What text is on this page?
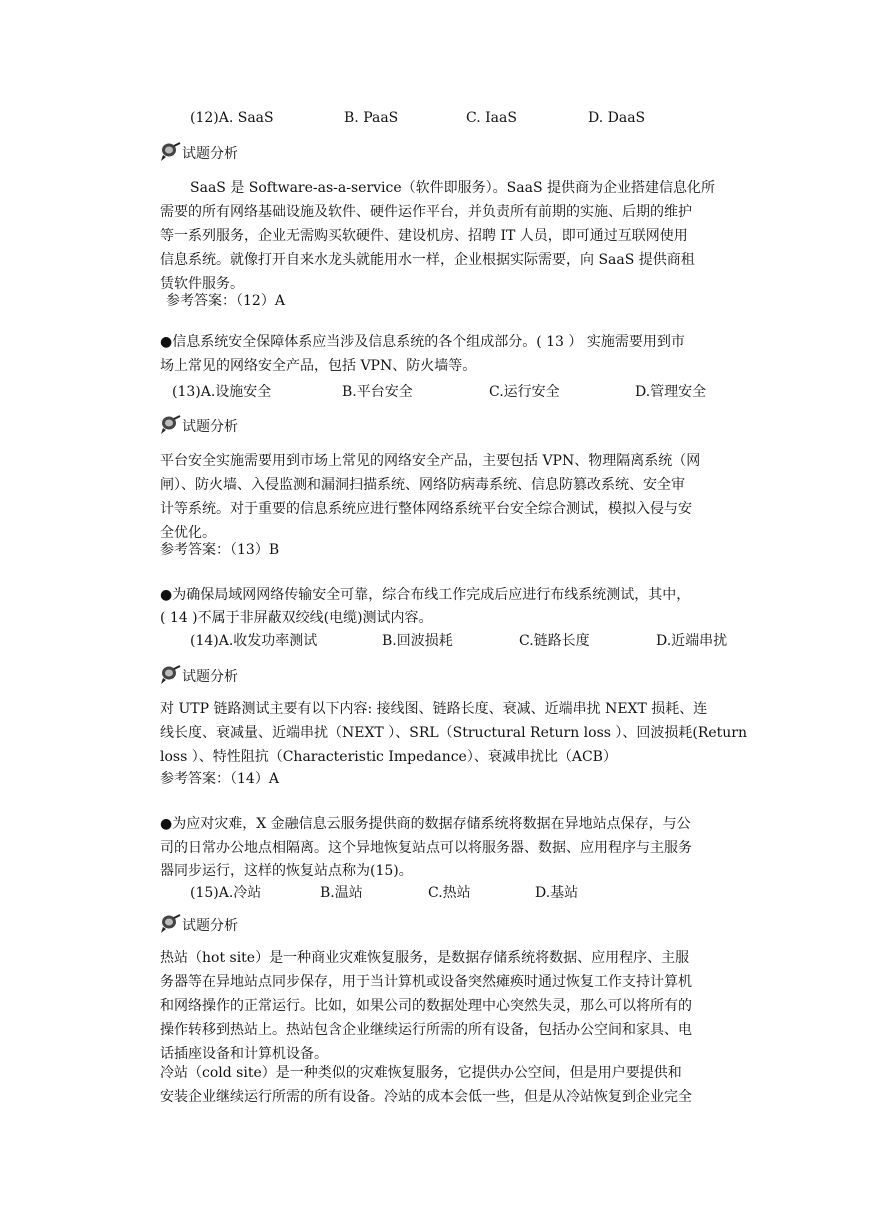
(12)A. SaaS	B. PaaS	C. IaaS	D. DaaS
试题分析
SaaS 是 Software-as-a-service（软件即服务）。SaaS 提供商为企业搭建信息化所
需要的所有网络基础设施及软件、硬件运作平台，并负责所有前期的实施、后期的维护
等一系列服务，企业无需购买软硬件、建设机房、招聘 IT 人员，即可通过互联网使用
信息系统。就像打开自来水龙头就能用水一样，企业根据实际需要，向 SaaS 提供商租
赁软件服务。
参考答案：（12）A
●信息系统安全保障体系应当涉及信息系统的各个组成部分。( 13 ） 实施需要用到市
场上常见的网络安全产品，包括 VPN、防火墙等。
(13)A.设施安全	B.平台安全	C.运行安全	D.管理安全
试题分析
平台安全实施需要用到市场上常见的网络安全产品，主要包括 VPN、物理隔离系统（网
闸）、防火墙、入侵监测和漏洞扫描系统、网络防病毒系统、信息防篡改系统、安全审
计等系统。对于重要的信息系统应进行整体网络系统平台安全综合测试，模拟入侵与安
全优化。
参考答案：（13）B
●为确保局域网网络传输安全可靠，综合布线工作完成后应进行布线系统测试，其中，
( 14 )不属于非屏蔽双绞线(电缆)测试内容。
(14)A.收发功率测试	B.回波损耗	C.链路长度	D.近端串扰
试题分析
对 UTP 链路测试主要有以下内容: 接线图、链路长度、衰减、近端串扰 NEXT 损耗、连
线长度、衰减量、近端串扰（NEXT ）、SRL（Structural Return loss ）、回波损耗(Return
loss ）、特性阻抗（Characteristic Impedance）、衰减串扰比（ACB）
参考答案：（14）A
●为应对灾难，X 金融信息云服务提供商的数据存储系统将数据在异地站点保存，与公
司的日常办公地点相隔离。这个异地恢复站点可以将服务器、数据、应用程序与主服务
器同步运行，这样的恢复站点称为(15)。
(15)A.冷站	B.温站	C.热站	D.基站
试题分析
热站（hot site）是一种商业灾难恢复服务，是数据存储系统将数据、应用程序、主服
务器等在异地站点同步保存，用于当计算机或设备突然瘫痪时通过恢复工作支持计算机
和网络操作的正常运行。比如，如果公司的数据处理中心突然失灵，那么可以将所有的
操作转移到热站上。热站包含企业继续运行所需的所有设备，包括办公空间和家具、电
话插座设备和计算机设备。
冷站（cold site）是一种类似的灾难恢复服务，它提供办公空间，但是用户要提供和
安装企业继续运行所需的所有设备。冷站的成本会低一些，但是从冷站恢复到企业完全
